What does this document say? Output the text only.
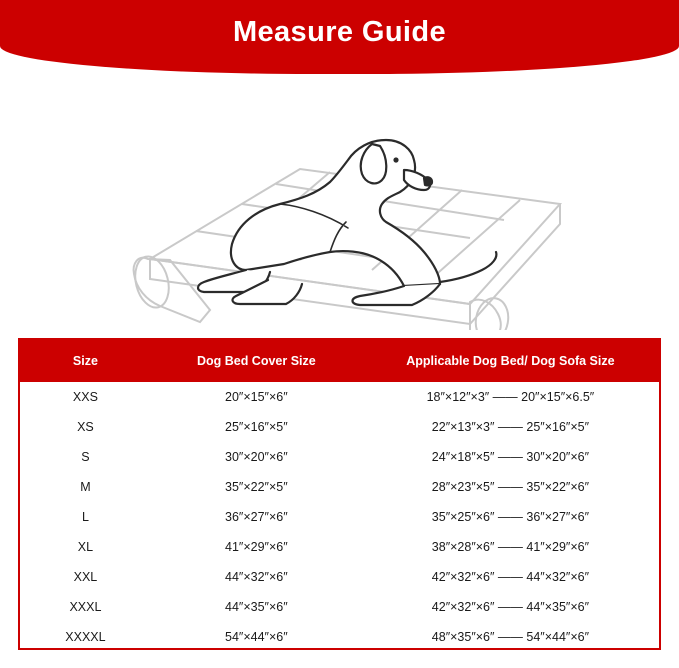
Measure Guide
Size	Dog Bed Cover Size	Applicable Dog Bed/ Dog Sofa Size
XXS	20″×15″×6″	18″×12″×3″ —— 20″×15″×6.5″
XS	25″×16″×5″	22″×13″×3″ —— 25″×16″×5″
S	30″×20″×6″	24″×18″×5″ —— 30″×20″×6″
M	35″×22″×5″	28″×23″×5″ —— 35″×22″×6″
L	36″×27″×6″	35″×25″×6″ —— 36″×27″×6″
XL	41″×29″×6″	38″×28″×6″ —— 41″×29″×6″
XXL	44″×32″×6″	42″×32″×6″ —— 44″×32″×6″
XXXL	44″×35″×6″	42″×32″×6″ —— 44″×35″×6″
XXXXL	54″×44″×6″	48″×35″×6″ —— 54″×44″×6″
